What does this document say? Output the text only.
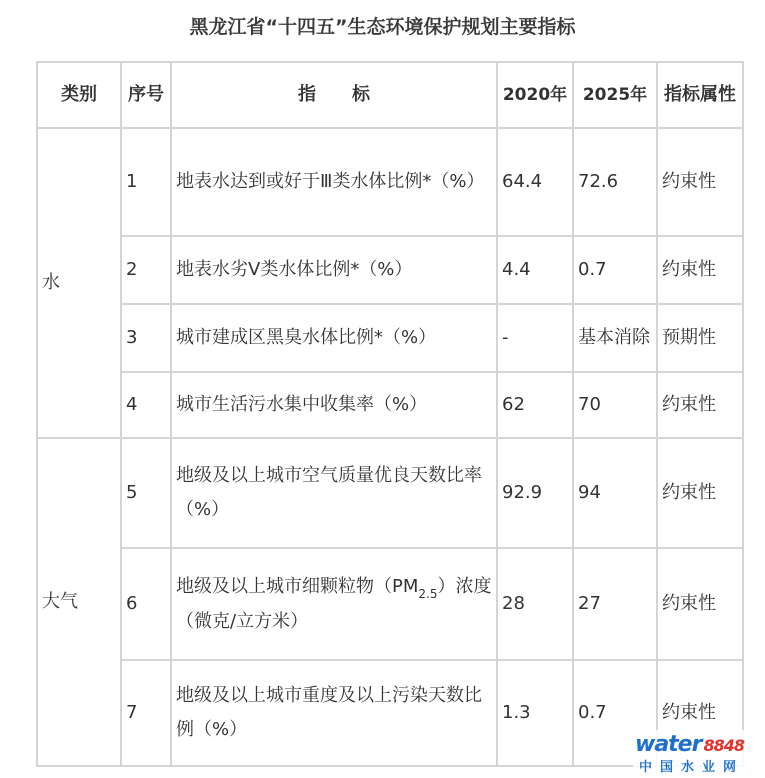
黑龙江省“十四五”生态环境保护规划主要指标
类别	序号	指　　标	2020年	2025年	指标属性
水	1	地表水达到或好于Ⅲ类水体比例*（%）	64.4	72.6	约束性
	2	地表水劣Ⅴ类水体比例*（%）	4.4	0.7	约束性
	3	城市建成区黑臭水体比例*（%）	-	基本消除	预期性
	4	城市生活污水集中收集率（%）	62	70	约束性
大气	5	地级及以上城市空气质量优良天数比率（%）	92.9	94	约束性
	6	地级及以上城市细颗粒物$(PM_{2.5})$浓度（微克/立方米）	28	27	约束性
	7	地级及以上城市重度及以上污染天数比例（%）	1.3	0.7	约束性
water 8848
中国水业网
